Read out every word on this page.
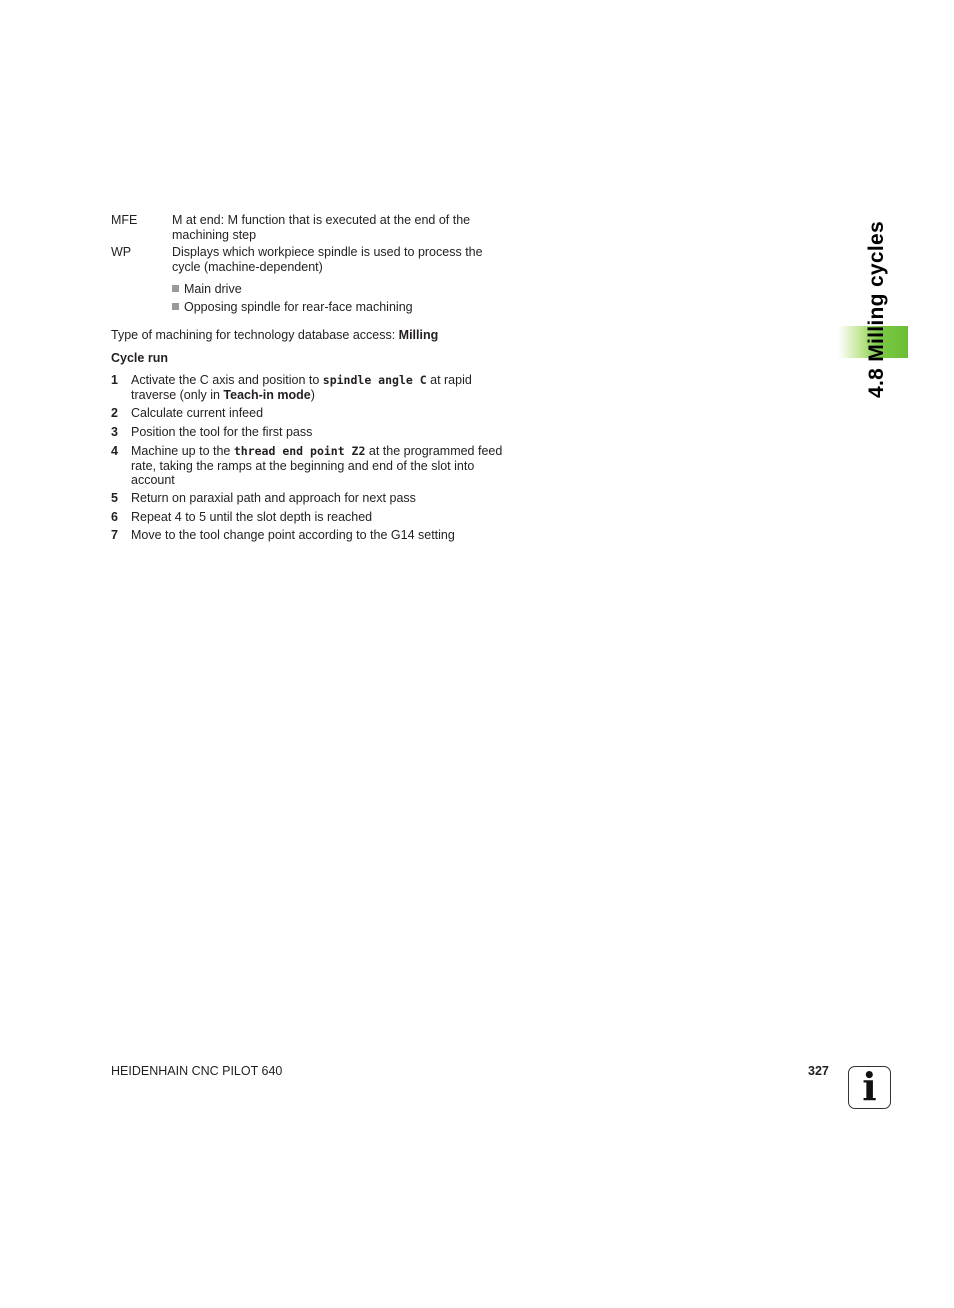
MFE	M at end: M function that is executed at the end of the machining step
WP	Displays which workpiece spindle is used to process the cycle (machine-dependent)
Main drive
Opposing spindle for rear-face machining
Type of machining for technology database access: Milling
Cycle run
1 Activate the C axis and position to spindle angle C at rapid traverse (only in Teach-in mode)
2 Calculate current infeed
3 Position the tool for the first pass
4 Machine up to the thread end point Z2 at the programmed feed rate, taking the ramps at the beginning and end of the slot into account
5 Return on paraxial path and approach for next pass
6 Repeat 4 to 5 until the slot depth is reached
7 Move to the tool change point according to the G14 setting
4.8 Milling cycles
HEIDENHAIN CNC PILOT 640	327 i
